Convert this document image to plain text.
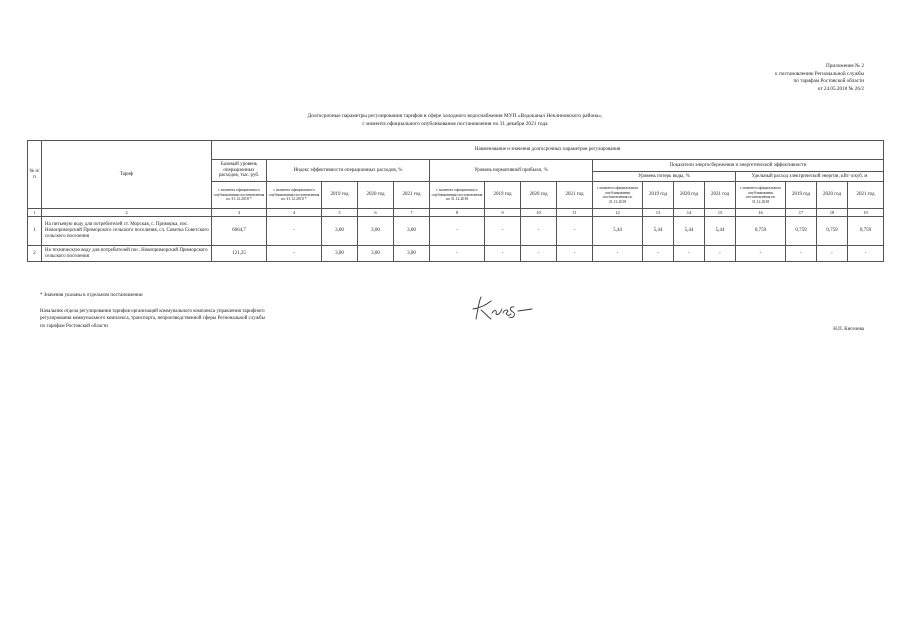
Приложение № 2
к постановлению Региональной службы
по тарифам Ростовской области
от 24.05.2018 № 26/2
Долгосрочные параметры регулирования тарифов в сфере холодного водоснабжения МУП «Водоканал Неклиновского района»,
с момента официального опубликования постановления по 31 декабря 2021 года
№ п/п	Тариф	Наименование и значения долгосрочных параметров регулирования																
		Базовый уровень операционных расходов, тыс. руб.	Индекс эффективности операционных расходов, %				Уровень нормативной прибыли, %				Показатели энергосбережения и энергетической эффективности							
											Уровень потерь воды, %				Удельный расход электрической энергии, кВт·ч/куб. м			
		с момента официального опубликования постановления по 31.12.2018 *	с момента официального опубликования постановления по 31.12.2018 *	2019 год	2020 год	2021 год	с момента официального опубликования постановления по 31.12.2018	2019 год	2020 год	2021 год	с момента официального опубликования постановления по 31.12.2018	2019 год	2020 год	2021 год	с момента официального опубликования постановления по 31.12.2018	2019 год	2020 год	2021 год
1	2	3	4	5	6	7	8	9	10	11	12	13	14	15	16	17	18	19
1	На питьевую воду для потребителей ст. Морская, с. Приморка, пос. Новоприморский Приморского сельского поселения, сл. Советка Советского сельского поселения	6664,7	-	3,00	3,00	3,00	-	-	-	-	5,44	5,44	5,44	5,44	0,759	0,759	0,759	0,759
2	На техническую воду для потребителей пос. Новоприморский Приморского сельского поселения	121,25	-	3,00	3,00	3,00	-	-	-	-	-	-	-	-	-	-	-	-
* Значения указаны в отдельном постановлении
Начальник отдела регулирования тарифов организаций коммунального комплекса управления тарифного
регулирования коммунального комплекса, транспорта, непроизводственной сферы Региональной службы
по тарифам Ростовской области
Н.П. Киселева
